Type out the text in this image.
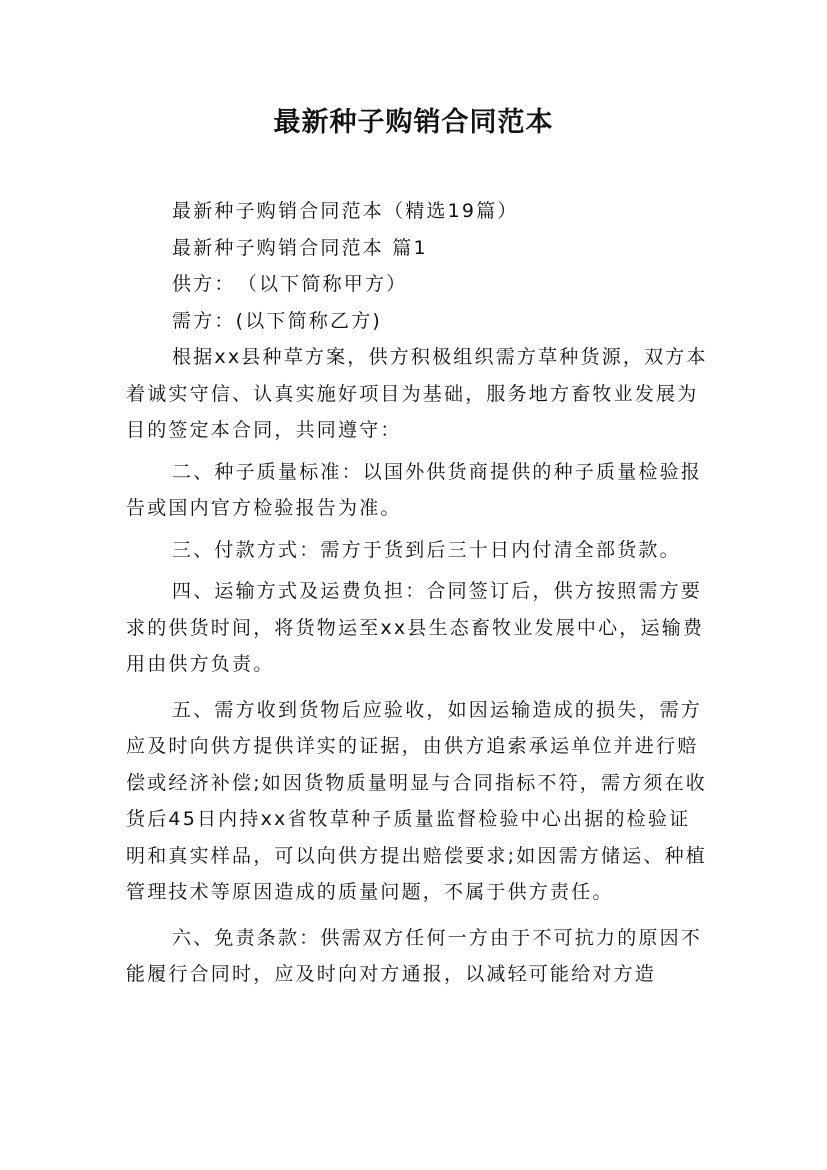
最新种子购销合同范本

最新种子购销合同范本（精选19篇）

最新种子购销合同范本 篇1

供方：　（以下简称甲方）

需方：(以下简称乙方)

根据xx县种草方案，供方积极组织需方草种货源，双方本着诚实守信、认真实施好项目为基础，服务地方畜牧业发展为目的签定本合同，共同遵守：

二、种子质量标准：以国外供货商提供的种子质量检验报告或国内官方检验报告为准。

三、付款方式：需方于货到后三十日内付清全部货款。

四、运输方式及运费负担：合同签订后，供方按照需方要求的供货时间，将货物运至xx县生态畜牧业发展中心，运输费用由供方负责。

五、需方收到货物后应验收，如因运输造成的损失，需方应及时向供方提供详实的证据，由供方追索承运单位并进行赔偿或经济补偿;如因货物质量明显与合同指标不符，需方须在收货后45日内持xx省牧草种子质量监督检验中心出据的检验证明和真实样品，可以向供方提出赔偿要求;如因需方储运、种植管理技术等原因造成的质量问题，不属于供方责任。

六、免责条款：供需双方任何一方由于不可抗力的原因不能履行合同时，应及时向对方通报，以减轻可能给对方造
